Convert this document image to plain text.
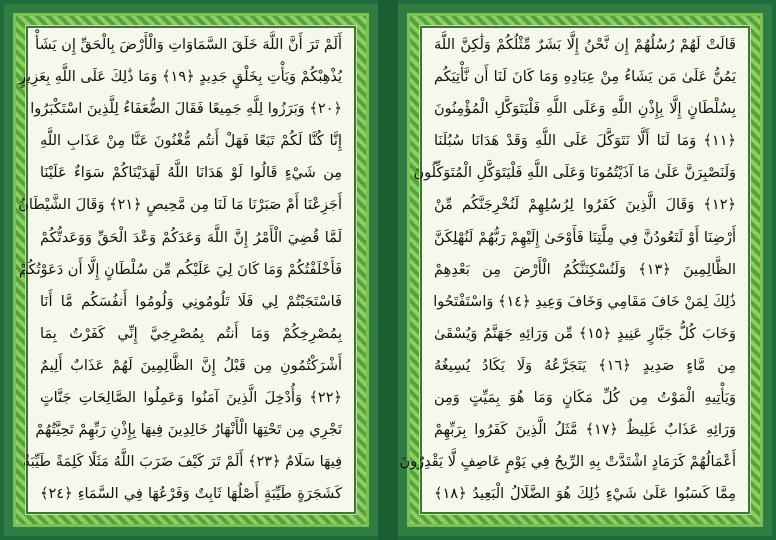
أَلَمْ تَرَ أَنَّ اللَّهَ خَلَقَ السَّمَاوَاتِ وَالْأَرْضَ بِالْحَقِّ إِن يَشَأْ
يُذْهِبْكُمْ وَيَأْتِ بِخَلْقٍ جَدِيدٍ ﴿١٩﴾ وَمَا ذَٰلِكَ عَلَى اللَّهِ بِعَزِيزٍ
﴿٢٠﴾ وَبَرَزُوا لِلَّهِ جَمِيعًا فَقَالَ الضُّعَفَاءُ لِلَّذِينَ اسْتَكْبَرُوا
إِنَّا كُنَّا لَكُمْ تَبَعًا فَهَلْ أَنتُم مُّغْنُونَ عَنَّا مِنْ عَذَابِ اللَّهِ
مِن شَيْءٍ قَالُوا لَوْ هَدَانَا اللَّهُ لَهَدَيْنَاكُمْ سَوَاءٌ عَلَيْنَا
أَجَزِعْنَا أَمْ صَبَرْنَا مَا لَنَا مِن مَّحِيصٍ ﴿٢١﴾ وَقَالَ الشَّيْطَانُ
لَمَّا قُضِيَ الْأَمْرُ إِنَّ اللَّهَ وَعَدَكُمْ وَعْدَ الْحَقِّ وَوَعَدتُّكُمْ
فَأَخْلَفْتُكُمْ وَمَا كَانَ لِيَ عَلَيْكُم مِّن سُلْطَانٍ إِلَّا أَن دَعَوْتُكُمْ
فَاسْتَجَبْتُمْ لِي فَلَا تَلُومُونِي وَلُومُوا أَنفُسَكُم مَّا أَنَا
بِمُصْرِخِكُمْ وَمَا أَنتُم بِمُصْرِخِيَّ إِنِّي كَفَرْتُ بِمَا
أَشْرَكْتُمُونِ مِن قَبْلُ إِنَّ الظَّالِمِينَ لَهُمْ عَذَابٌ أَلِيمٌ
﴿٢٢﴾ وَأُدْخِلَ الَّذِينَ آمَنُوا وَعَمِلُوا الصَّالِحَاتِ جَنَّاتٍ
تَجْرِي مِن تَحْتِهَا الْأَنْهَارُ خَالِدِينَ فِيهَا بِإِذْنِ رَبِّهِمْ تَحِيَّتُهُمْ
فِيهَا سَلَامٌ ﴿٢٣﴾ أَلَمْ تَرَ كَيْفَ ضَرَبَ اللَّهُ مَثَلًا كَلِمَةً طَيِّبَةً
كَشَجَرَةٍ طَيِّبَةٍ أَصْلُهَا ثَابِتٌ وَفَرْعُهَا فِي السَّمَاءِ ﴿٢٤﴾
قَالَتْ لَهُمْ رُسُلُهُمْ إِن نَّحْنُ إِلَّا بَشَرٌ مِّثْلُكُمْ وَلَٰكِنَّ اللَّهَ
يَمُنُّ عَلَىٰ مَن يَشَاءُ مِنْ عِبَادِهِ وَمَا كَانَ لَنَا أَن نَّأْتِيَكُم
بِسُلْطَانٍ إِلَّا بِإِذْنِ اللَّهِ وَعَلَى اللَّهِ فَلْيَتَوَكَّلِ الْمُؤْمِنُونَ
﴿١١﴾ وَمَا لَنَا أَلَّا نَتَوَكَّلَ عَلَى اللَّهِ وَقَدْ هَدَانَا سُبُلَنَا
وَلَنَصْبِرَنَّ عَلَىٰ مَا آذَيْتُمُونَا وَعَلَى اللَّهِ فَلْيَتَوَكَّلِ الْمُتَوَكِّلُونَ
﴿١٢﴾ وَقَالَ الَّذِينَ كَفَرُوا لِرُسُلِهِمْ لَنُخْرِجَنَّكُم مِّنْ
أَرْضِنَا أَوْ لَتَعُودُنَّ فِي مِلَّتِنَا فَأَوْحَىٰ إِلَيْهِمْ رَبُّهُمْ لَنُهْلِكَنَّ
الظَّالِمِينَ ﴿١٣﴾ وَلَنُسْكِنَنَّكُمُ الْأَرْضَ مِن بَعْدِهِمْ
ذَٰلِكَ لِمَنْ خَافَ مَقَامِي وَخَافَ وَعِيدِ ﴿١٤﴾ وَاسْتَفْتَحُوا
وَخَابَ كُلُّ جَبَّارٍ عَنِيدٍ ﴿١٥﴾ مِّن وَرَائِهِ جَهَنَّمُ وَيُسْقَىٰ
مِن مَّاءٍ صَدِيدٍ ﴿١٦﴾ يَتَجَرَّعُهُ وَلَا يَكَادُ يُسِيغُهُ
وَيَأْتِيهِ الْمَوْتُ مِن كُلِّ مَكَانٍ وَمَا هُوَ بِمَيِّتٍ وَمِن
وَرَائِهِ عَذَابٌ غَلِيظٌ ﴿١٧﴾ مَّثَلُ الَّذِينَ كَفَرُوا بِرَبِّهِمْ
أَعْمَالُهُمْ كَرَمَادٍ اشْتَدَّتْ بِهِ الرِّيحُ فِي يَوْمٍ عَاصِفٍ لَّا يَقْدِرُونَ
مِمَّا كَسَبُوا عَلَىٰ شَيْءٍ ذَٰلِكَ هُوَ الضَّلَالُ الْبَعِيدُ ﴿١٨﴾
